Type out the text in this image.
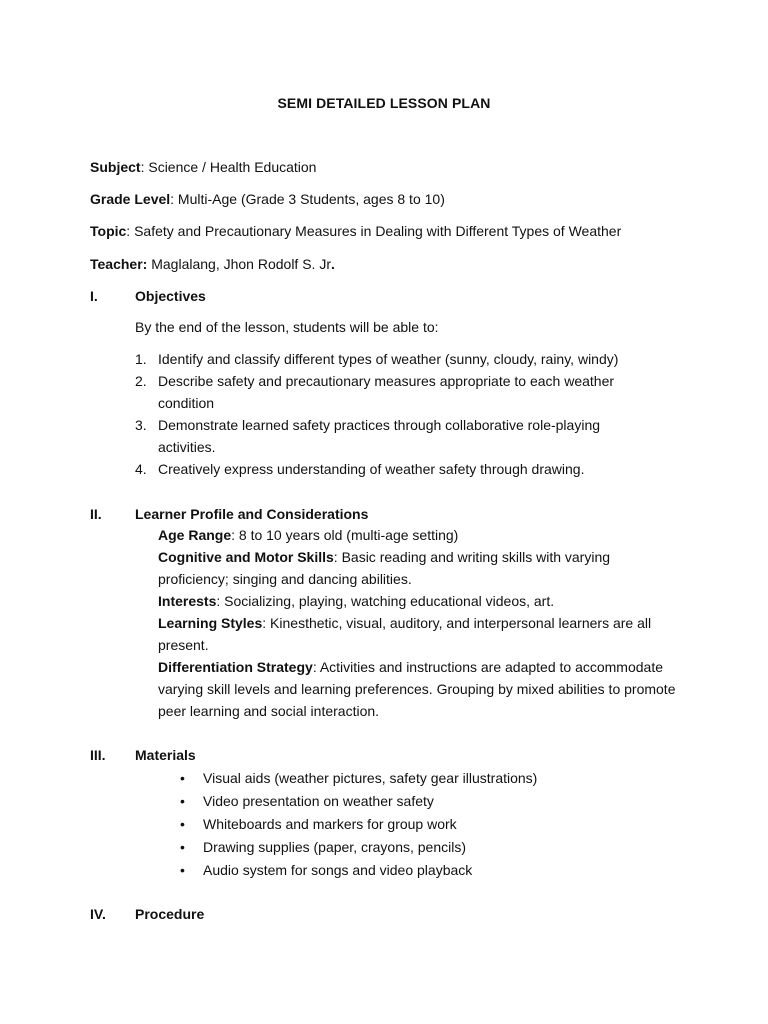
SEMI DETAILED LESSON PLAN
Subject: Science / Health Education
Grade Level: Multi-Age (Grade 3 Students, ages 8 to 10)
Topic: Safety and Precautionary Measures in Dealing with Different Types of Weather
Teacher: Maglalang, Jhon Rodolf S. Jr.
I.	Objectives
By the end of the lesson, students will be able to:
1. Identify and classify different types of weather (sunny, cloudy, rainy, windy)
2. Describe safety and precautionary measures appropriate to each weather condition
3. Demonstrate learned safety practices through collaborative role-playing activities.
4. Creatively express understanding of weather safety through drawing.
II. Learner Profile and Considerations

Age Range: 8 to 10 years old (multi-age setting)

Cognitive and Motor Skills: Basic reading and writing skills with varying proficiency; singing and dancing abilities.

Interests: Socializing, playing, watching educational videos, art.

Learning Styles: Kinesthetic, visual, auditory, and interpersonal learners are all present.

Differentiation Strategy: Activities and instructions are adapted to accommodate varying skill levels and learning preferences. Grouping by mixed abilities to promote peer learning and social interaction.

III. Materials
• Visual aids (weather pictures, safety gear illustrations)
• Video presentation on weather safety
• Whiteboards and markers for group work
• Drawing supplies (paper, crayons, pencils)
• Audio system for songs and video playback
IV. Procedure
